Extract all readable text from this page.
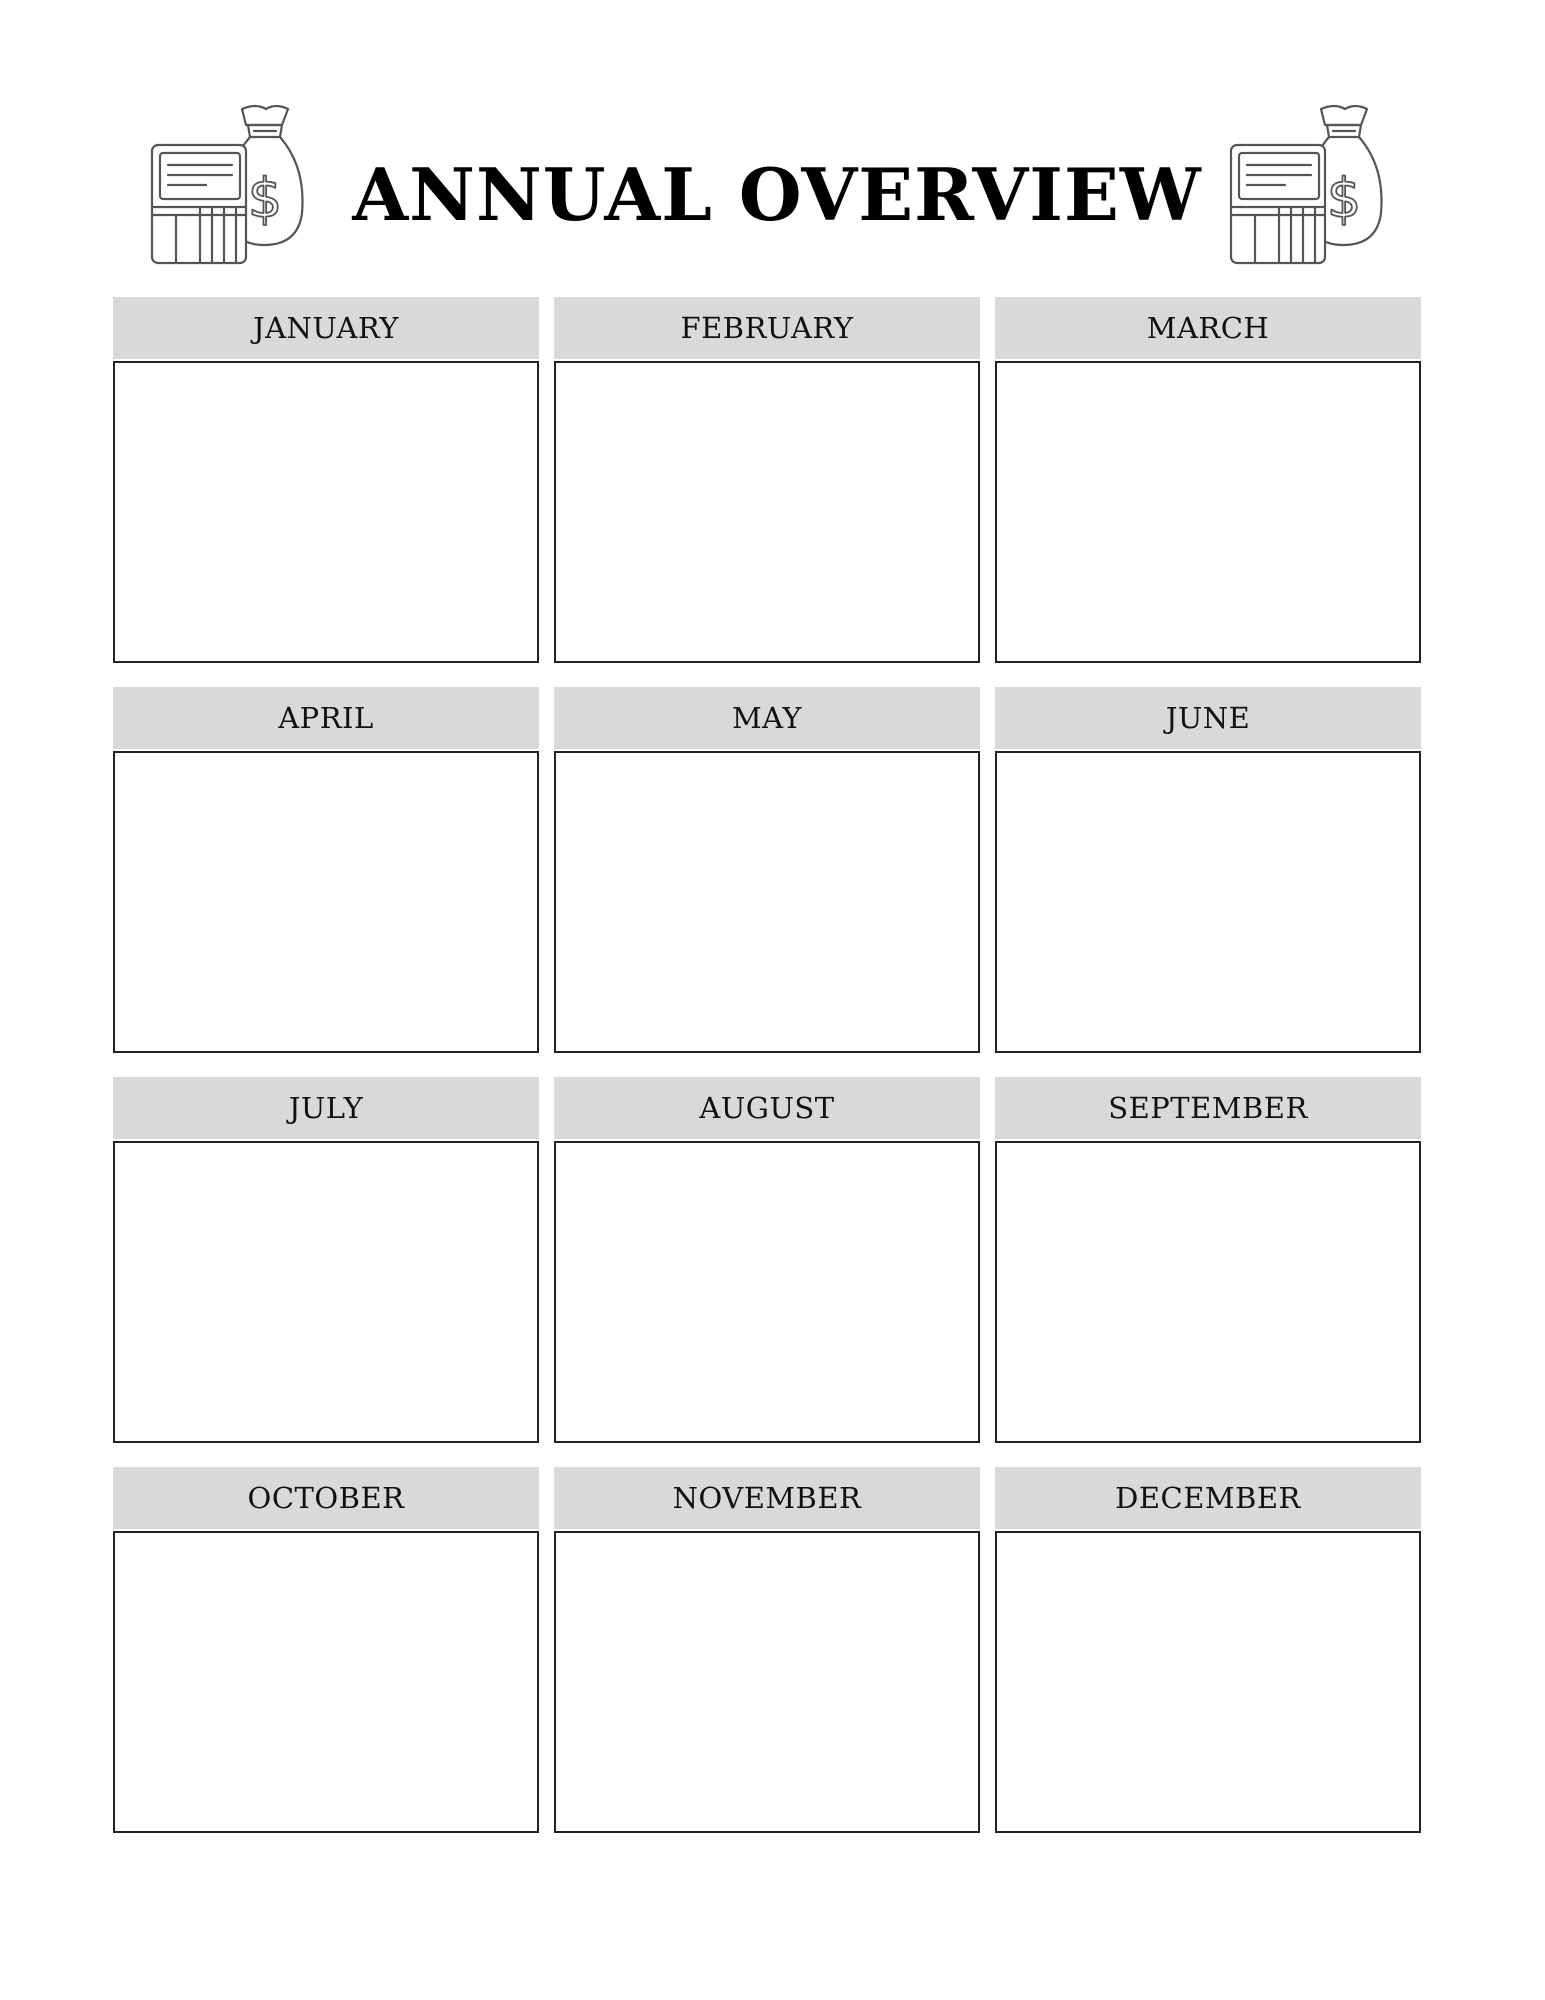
$ ANNUAL OVERVIEW $
JANUARY	FEBRUARY	MARCH
APRIL	MAY	JUNE
JULY	AUGUST	SEPTEMBER
OCTOBER	NOVEMBER	DECEMBER
